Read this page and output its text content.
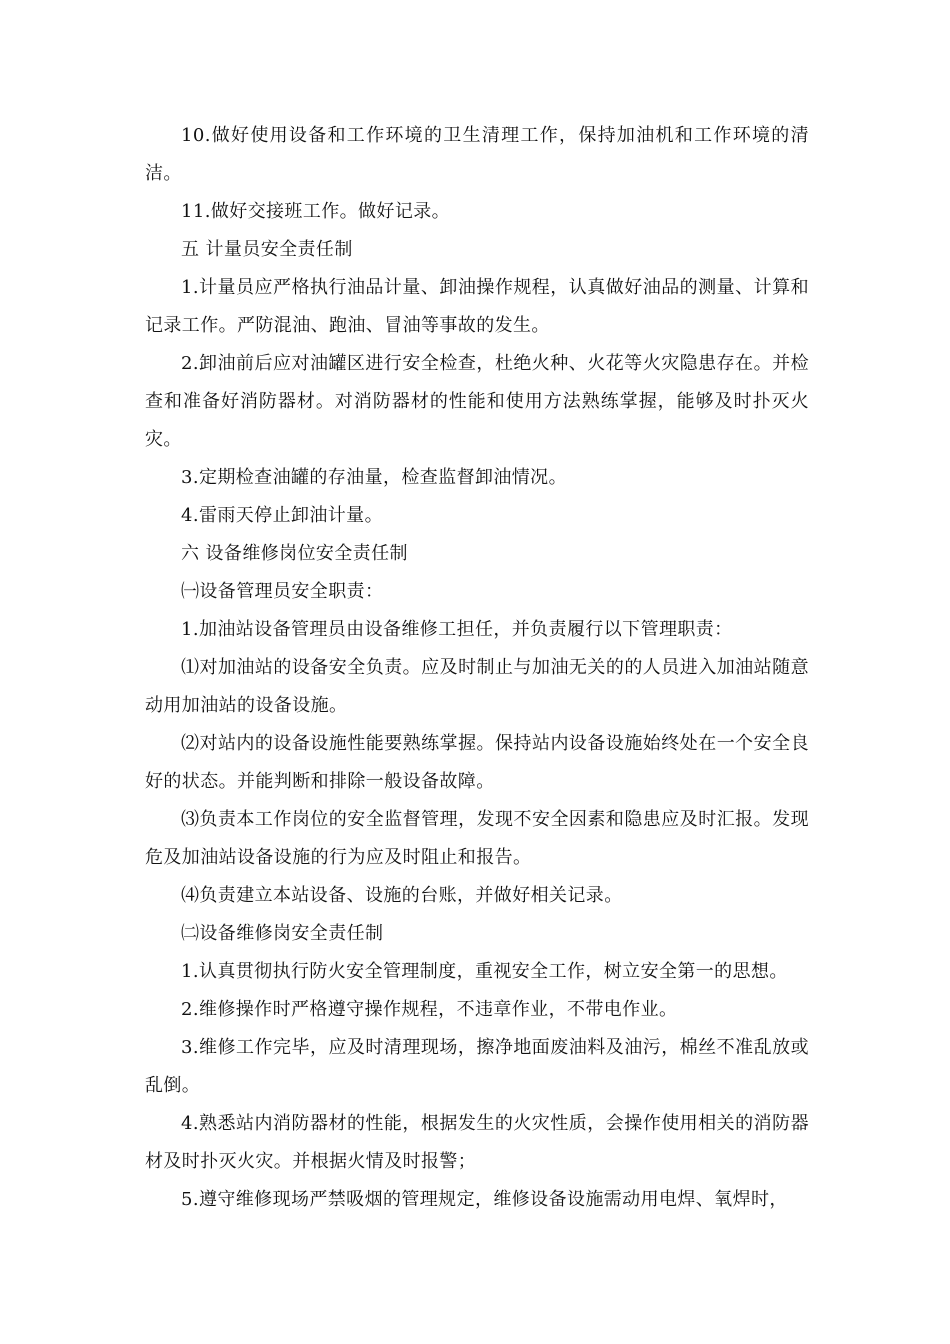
10.做好使用设备和工作环境的卫生清理工作，保持加油机和工作环境的清洁。

11.做好交接班工作。做好记录。

五 计量员安全责任制

1.计量员应严格执行油品计量、卸油操作规程，认真做好油品的测量、计算和记录工作。严防混油、跑油、冒油等事故的发生。

2.卸油前后应对油罐区进行安全检查，杜绝火种、火花等火灾隐患存在。并检查和准备好消防器材。对消防器材的性能和使用方法熟练掌握，能够及时扑灭火灾。

3.定期检查油罐的存油量，检查监督卸油情况。

4.雷雨天停止卸油计量。

六 设备维修岗位安全责任制

㈠设备管理员安全职责：

1.加油站设备管理员由设备维修工担任，并负责履行以下管理职责：

⑴对加油站的设备安全负责。应及时制止与加油无关的的人员进入加油站随意动用加油站的设备设施。

⑵对站内的设备设施性能要熟练掌握。保持站内设备设施始终处在一个安全良好的状态。并能判断和排除一般设备故障。

⑶负责本工作岗位的安全监督管理，发现不安全因素和隐患应及时汇报。发现危及加油站设备设施的行为应及时阻止和报告。

⑷负责建立本站设备、设施的台账，并做好相关记录。

㈡设备维修岗安全责任制

1.认真贯彻执行防火安全管理制度，重视安全工作，树立安全第一的思想。

2.维修操作时严格遵守操作规程，不违章作业，不带电作业。

3.维修工作完毕，应及时清理现场，擦净地面废油料及油污，棉丝不准乱放或乱倒。

4.熟悉站内消防器材的性能，根据发生的火灾性质，会操作使用相关的消防器材及时扑灭火灾。并根据火情及时报警；

5.遵守维修现场严禁吸烟的管理规定，维修设备设施需动用电焊、氧焊时，
